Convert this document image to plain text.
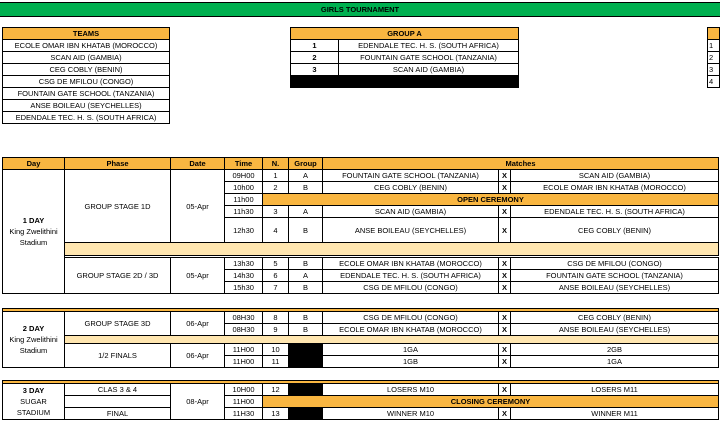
GIRLS TOURNAMENT
TEAMS
ECOLE OMAR IBN KHATAB (MOROCCO)
SCAN AID (GAMBIA)
CEG COBLY (BENIN)
CSG DE MFILOU (CONGO)
FOUNTAIN GATE SCHOOL (TANZANIA)
ANSE BOILEAU (SEYCHELLES)
EDENDALE TEC. H. S. (SOUTH AFRICA)
GROUP A	
1	EDENDALE TEC. H. S. (SOUTH AFRICA)
2	FOUNTAIN GATE SCHOOL (TANZANIA)
3	SCAN AID (GAMBIA)

1
2
3
4
Day	Phase	Date	Time	N.	Group	Matches		
1 DAY
King Zwelithini
Stadium	GROUP STAGE 1D	05-Apr	09H00	1	A	FOUNTAIN GATE SCHOOL (TANZANIA)	X	SCAN AID (GAMBIA)
			10h00	2	B	CEG COBLY (BENIN)	X	ECOLE OMAR IBN KHATAB (MOROCCO)
			11h00	OPEN CEREMONY				
			11h30	3	A	SCAN AID (GAMBIA)	X	EDENDALE TEC. H. S. (SOUTH AFRICA)
			12h30	4	B	ANSE BOILEAU (SEYCHELLES)	X	CEG COBLY (BENIN)

	GROUP STAGE 2D / 3D	05-Apr	13h30	5	B	ECOLE OMAR IBN KHATAB (MOROCCO)	X	CSG DE MFILOU (CONGO)
			14h30	6	A	EDENDALE TEC. H. S. (SOUTH AFRICA)	X	FOUNTAIN GATE SCHOOL (TANZANIA)
			15h30	7	B	CSG DE MFILOU (CONGO)	X	ANSE BOILEAU (SEYCHELLES)

2 DAY
King Zwelithini
Stadium	GROUP STAGE 3D	06-Apr	08H30	8	B	CSG DE MFILOU (CONGO)	X	CEG COBLY (BENIN)
			08H30	9	B	ECOLE OMAR IBN KHATAB (MOROCCO)	X	ANSE BOILEAU (SEYCHELLES)

	1/2 FINALS	06-Apr	11H00	10		1GA	X	2GB
			11H00	11		1GB	X	1GA

3 DAY
SUGAR
STADIUM	CLAS 3 & 4	08-Apr	10H00	12		LOSERS M10	X	LOSERS M11
			11H00	CLOSING CEREMONY				
	FINAL		11H30	13		WINNER M10	X	WINNER M11
